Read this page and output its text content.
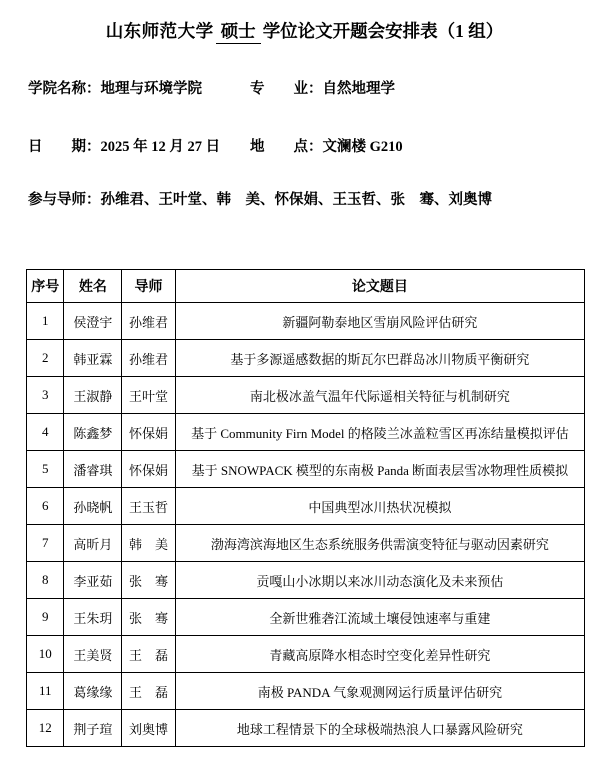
山东师范大学 硕士 学位论文开题会安排表（1 组）
学院名称：地理与环境学院	专　　业：自然地理学
日　　期：2025 年 12 月 27 日 地　　点：文澜楼 G210
参与导师：孙维君、王叶堂、韩　美、怀保娟、王玉哲、张　骞、刘奥博
序号	姓名	导师	论文题目
1	侯澄宇	孙维君	新疆阿勒泰地区雪崩风险评估研究
2	韩亚霖	孙维君	基于多源遥感数据的斯瓦尔巴群岛冰川物质平衡研究
3	王淑静	王叶堂	南北极冰盖气温年代际遥相关特征与机制研究
4	陈鑫梦	怀保娟	基于 Community Firn Model 的格陵兰冰盖粒雪区再冻结量模拟评估
5	潘睿琪	怀保娟	基于 SNOWPACK 模型的东南极 Panda 断面表层雪冰物理性质模拟
6	孙晓帆	王玉哲	中国典型冰川热状况模拟
7	高昕月	韩　美	渤海湾滨海地区生态系统服务供需演变特征与驱动因素研究
8	李亚茹	张　骞	贡嘎山小冰期以来冰川动态演化及未来预估
9	王朱玥	张　骞	全新世雅砻江流域土壤侵蚀速率与重建
10	王美贤	王　磊	青藏高原降水相态时空变化差异性研究
11	葛缘缘	王　磊	南极 PANDA 气象观测网运行质量评估研究
12	荆子瑄	刘奥博	地球工程情景下的全球极端热浪人口暴露风险研究
